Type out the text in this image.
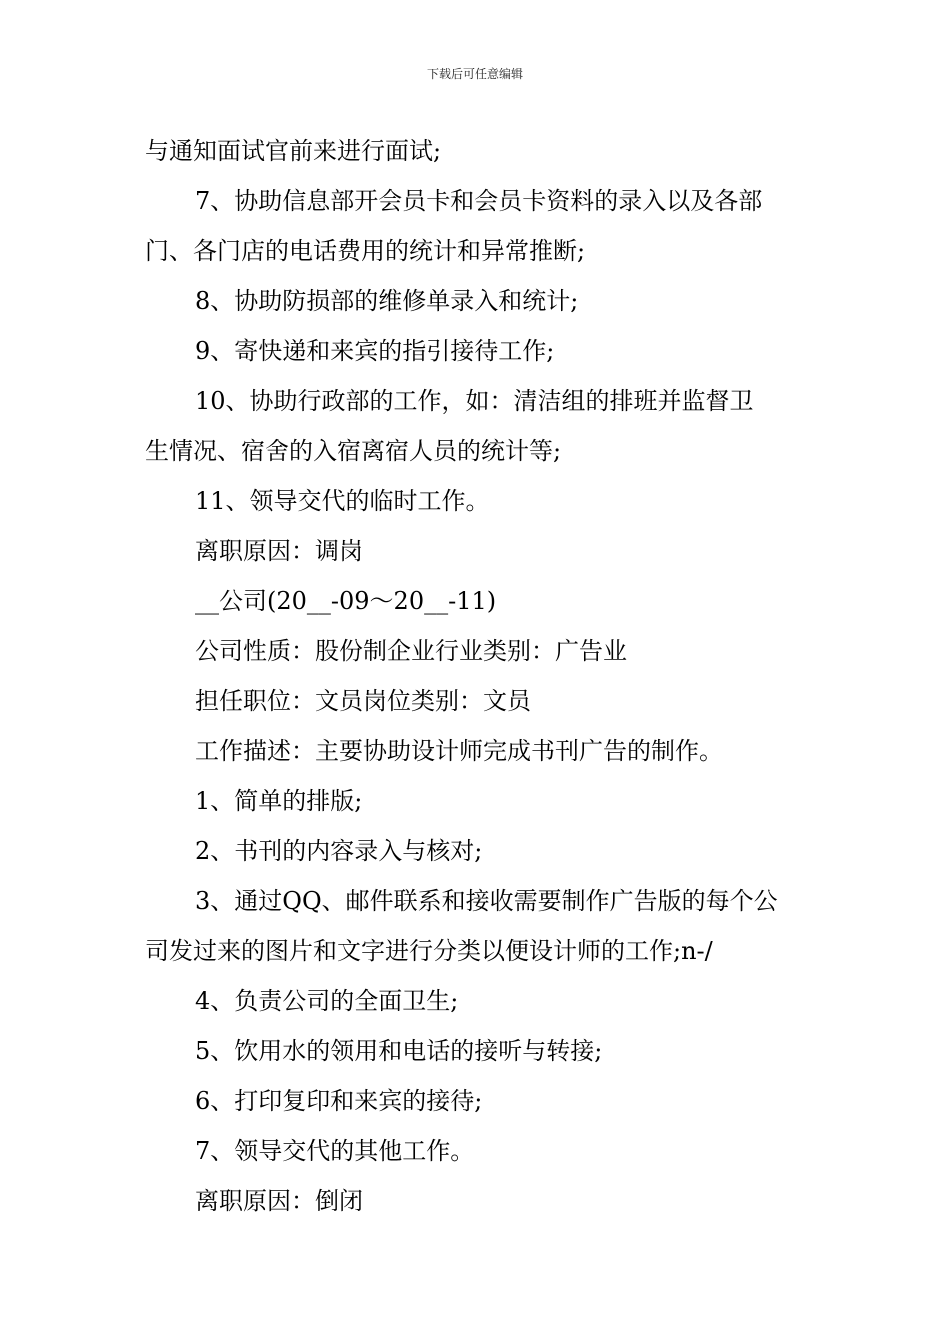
下载后可任意编辑
与通知面试官前来进行面试;
7、协助信息部开会员卡和会员卡资料的录入以及各部
门、各门店的电话费用的统计和异常推断;
8、协助防损部的维修单录入和统计;
9、寄快递和来宾的指引接待工作;
10、协助行政部的工作，如：清洁组的排班并监督卫
生情况、宿舍的入宿离宿人员的统计等;
11、领导交代的临时工作。
离职原因：调岗
__公司(20__-09～20__-11)
公司性质：股份制企业行业类别：广告业
担任职位：文员岗位类别：文员
工作描述：主要协助设计师完成书刊广告的制作。
1、简单的排版;
2、书刊的内容录入与核对;
3、通过QQ、邮件联系和接收需要制作广告版的每个公
司发过来的图片和文字进行分类以便设计师的工作;n-/
4、负责公司的全面卫生;
5、饮用水的领用和电话的接听与转接;
6、打印复印和来宾的接待;
7、领导交代的其他工作。
离职原因：倒闭
